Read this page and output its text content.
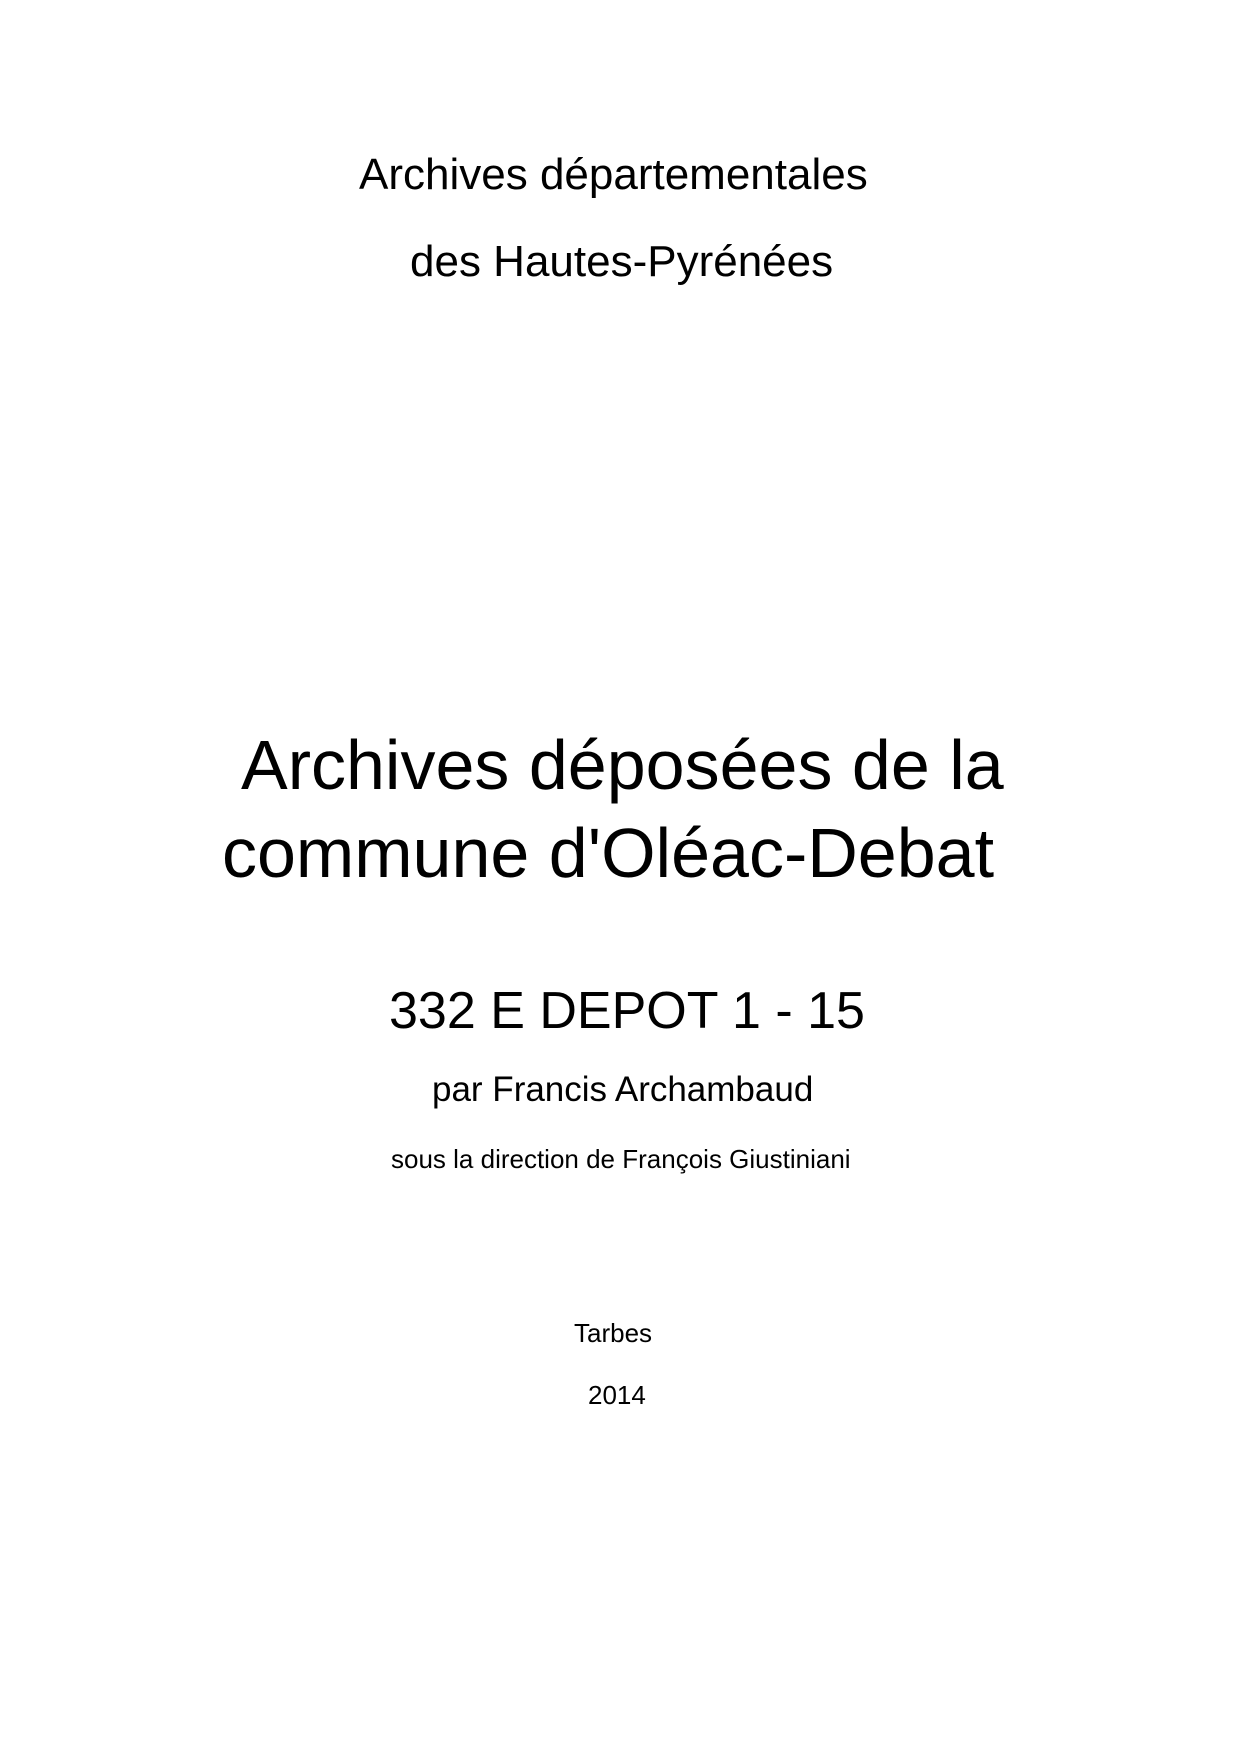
Archives départementales
des Hautes-Pyrénées
Archives déposées de la
commune d'Oléac-Debat
332 E DEPOT 1 - 15
par Francis Archambaud
sous la direction de François Giustiniani
Tarbes
2014
